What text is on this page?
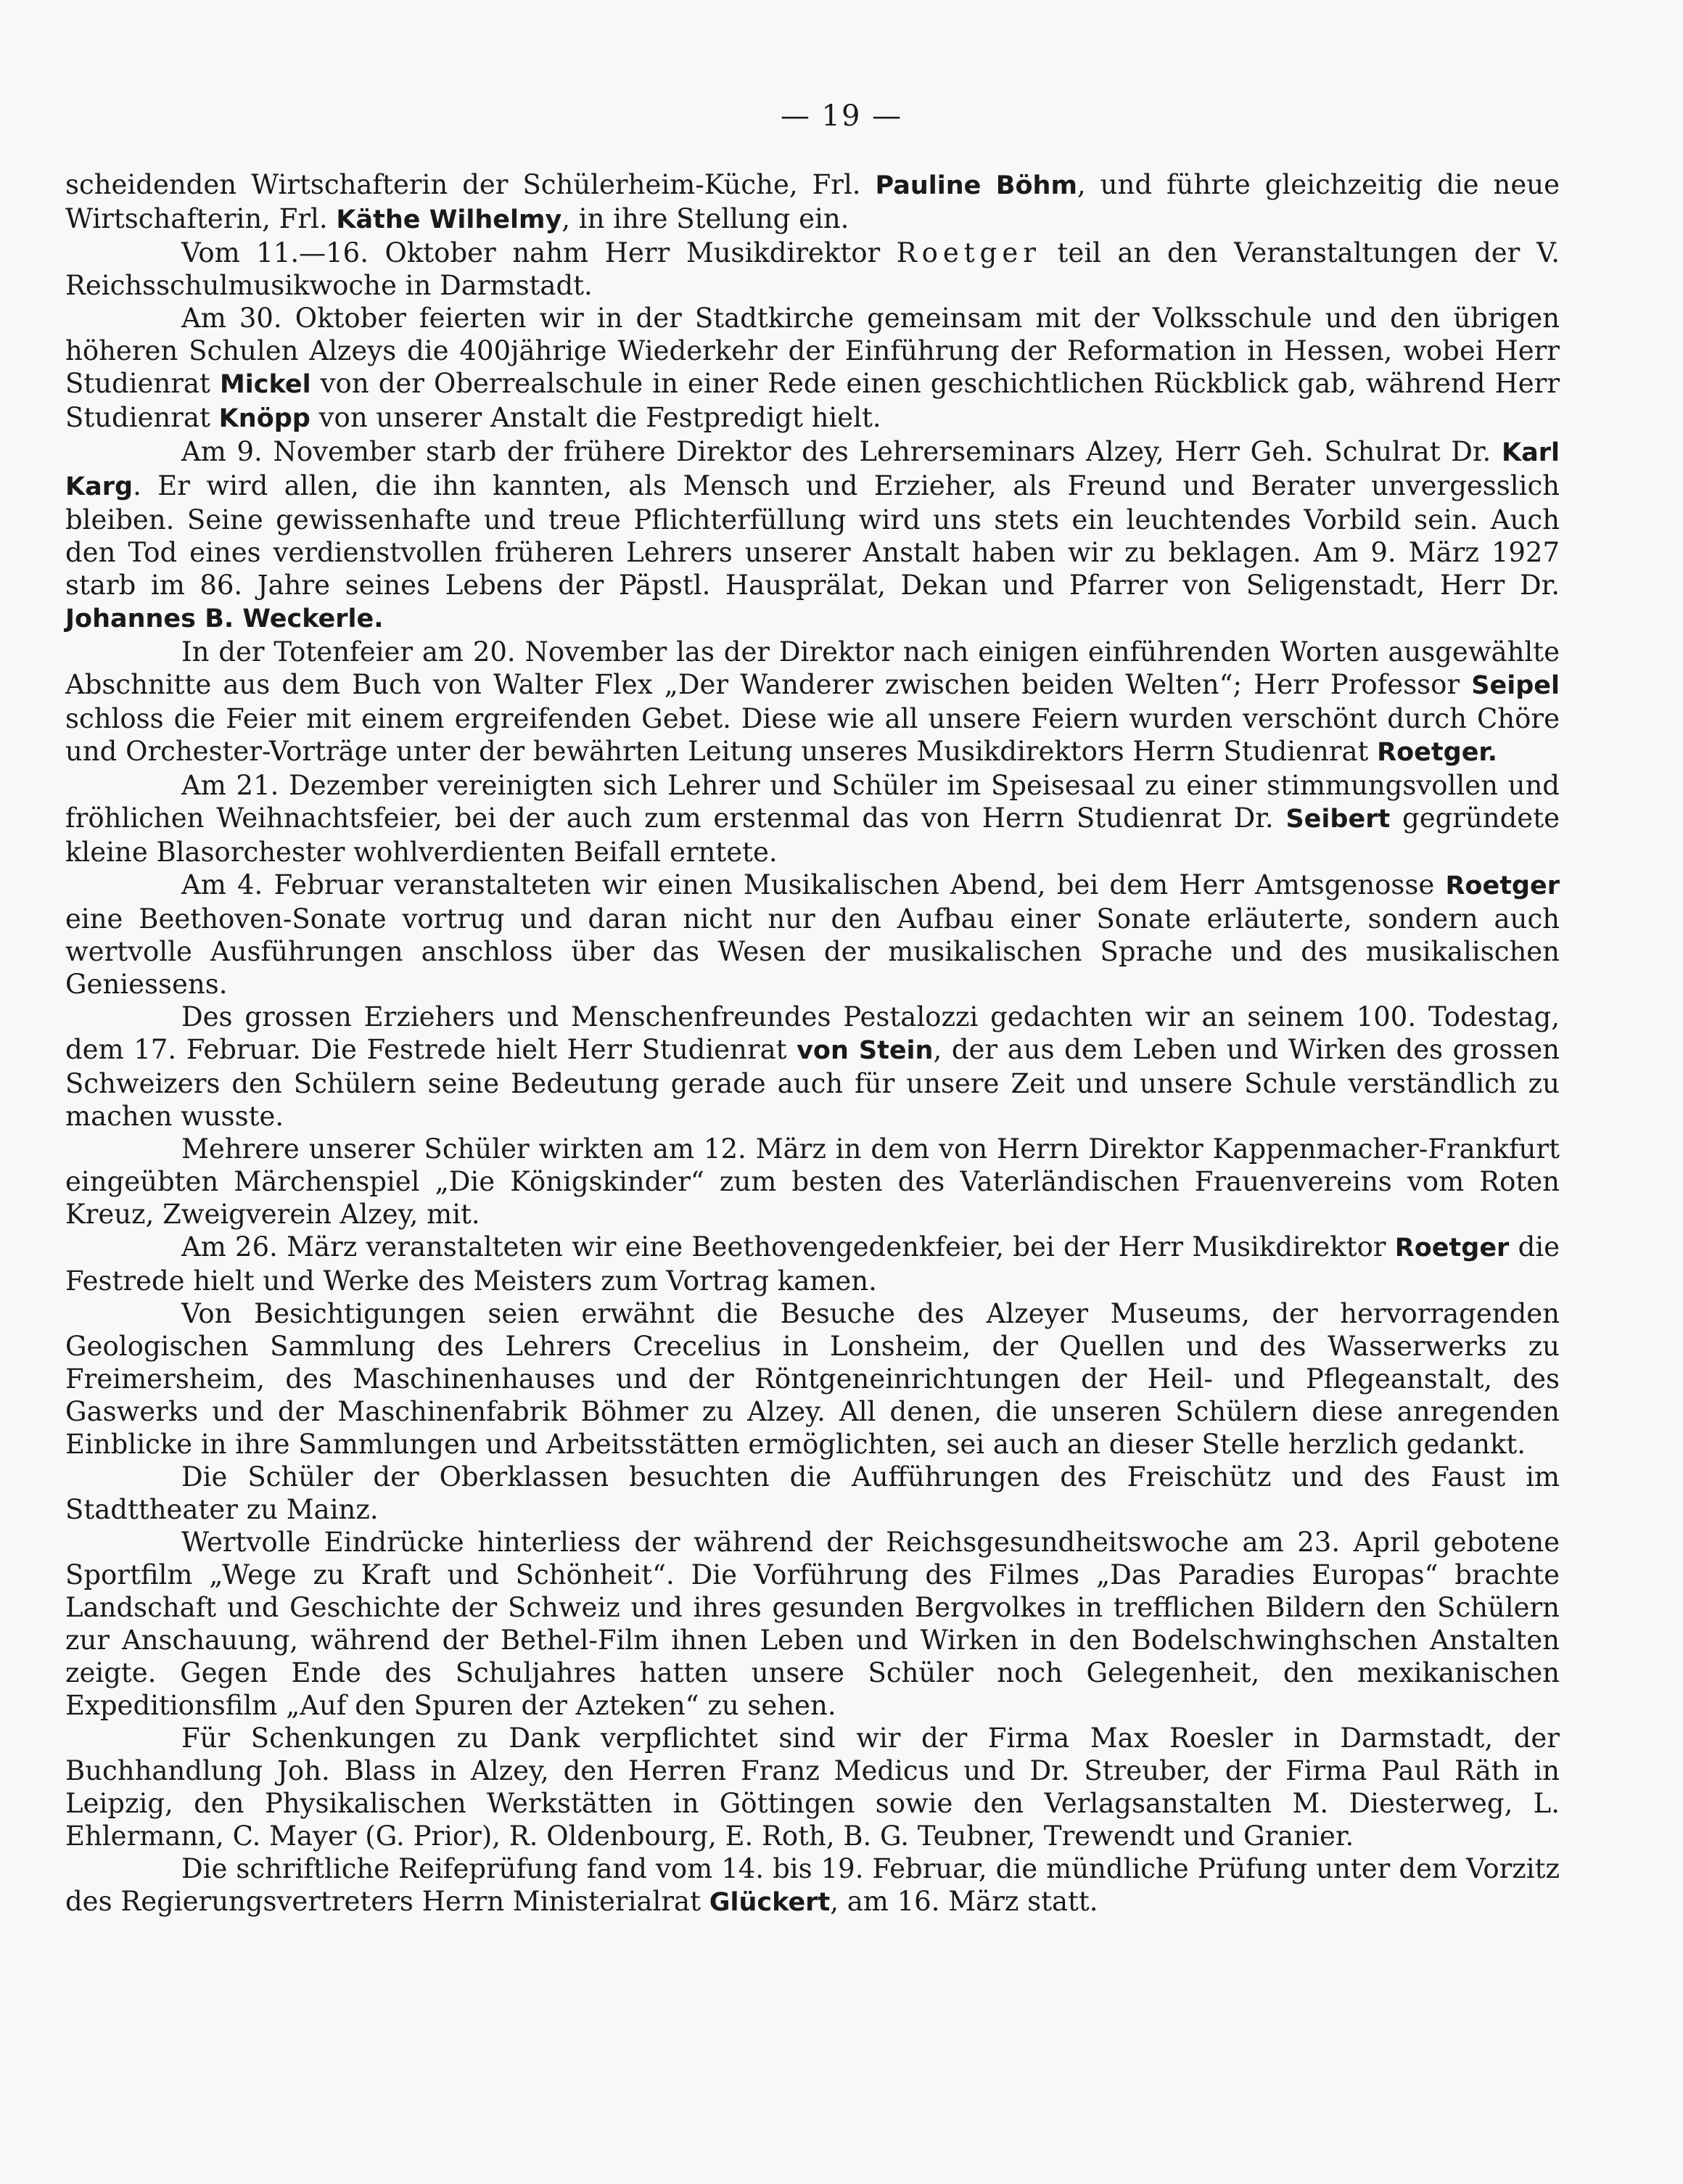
— 19 —

scheidenden Wirtschafterin der Schülerheim-Küche, Frl. Pauline Böhm, und führte gleichzeitig die neue Wirtschafterin, Frl. Käthe Wilhelmy, in ihre Stellung ein.

Vom 11.—16. Oktober nahm Herr Musikdirektor Roetger teil an den Veranstaltungen der V. Reichsschulmusikwoche in Darmstadt.

Am 30. Oktober feierten wir in der Stadtkirche gemeinsam mit der Volksschule und den übrigen höheren Schulen Alzeys die 400jährige Wiederkehr der Einführung der Reformation in Hessen, wobei Herr Studienrat Mickel von der Oberrealschule in einer Rede einen geschichtlichen Rückblick gab, während Herr Studienrat Knöpp von unserer Anstalt die Festpredigt hielt.

Am 9. November starb der frühere Direktor des Lehrerseminars Alzey, Herr Geh. Schulrat Dr. Karl Karg. Er wird allen, die ihn kannten, als Mensch und Erzieher, als Freund und Berater unvergesslich bleiben. Seine gewissenhafte und treue Pflichterfüllung wird uns stets ein leuchtendes Vorbild sein. Auch den Tod eines verdienstvollen früheren Lehrers unserer Anstalt haben wir zu beklagen. Am 9. März 1927 starb im 86. Jahre seines Lebens der Päpstl. Hausprälat, Dekan und Pfarrer von Seligenstadt, Herr Dr. Johannes B. Weckerle.

In der Totenfeier am 20. November las der Direktor nach einigen einführenden Worten ausgewählte Abschnitte aus dem Buch von Walter Flex „Der Wanderer zwischen beiden Welten“; Herr Professor Seipel schloss die Feier mit einem ergreifenden Gebet. Diese wie all unsere Feiern wurden verschönt durch Chöre und Orchester-Vorträge unter der bewährten Leitung unseres Musikdirektors Herrn Studienrat Roetger.

Am 21. Dezember vereinigten sich Lehrer und Schüler im Speisesaal zu einer stimmungsvollen und fröhlichen Weihnachtsfeier, bei der auch zum erstenmal das von Herrn Studienrat Dr. Seibert gegründete kleine Blasorchester wohlverdienten Beifall erntete.

Am 4. Februar veranstalteten wir einen Musikalischen Abend, bei dem Herr Amtsgenosse Roetger eine Beethoven-Sonate vortrug und daran nicht nur den Aufbau einer Sonate erläuterte, sondern auch wertvolle Ausführungen anschloss über das Wesen der musikalischen Sprache und des musikalischen Geniessens.

Des grossen Erziehers und Menschenfreundes Pestalozzi gedachten wir an seinem 100. Todestag, dem 17. Februar. Die Festrede hielt Herr Studienrat von Stein, der aus dem Leben und Wirken des grossen Schweizers den Schülern seine Bedeutung gerade auch für unsere Zeit und unsere Schule verständlich zu machen wusste.

Mehrere unserer Schüler wirkten am 12. März in dem von Herrn Direktor Kappenmacher-Frankfurt eingeübten Märchenspiel „Die Königskinder“ zum besten des Vaterländischen Frauenvereins vom Roten Kreuz, Zweigverein Alzey, mit.

Am 26. März veranstalteten wir eine Beethovengedenkfeier, bei der Herr Musikdirektor Roetger die Festrede hielt und Werke des Meisters zum Vortrag kamen.

Von Besichtigungen seien erwähnt die Besuche des Alzeyer Museums, der hervorragenden Geologischen Sammlung des Lehrers Crecelius in Lonsheim, der Quellen und des Wasserwerks zu Freimersheim, des Maschinenhauses und der Röntgeneinrichtungen der Heil- und Pflegeanstalt, des Gaswerks und der Maschinenfabrik Böhmer zu Alzey. All denen, die unseren Schülern diese anregenden Einblicke in ihre Sammlungen und Arbeitsstätten ermöglichten, sei auch an dieser Stelle herzlich gedankt.

Die Schüler der Oberklassen besuchten die Aufführungen des Freischütz und des Faust im Stadttheater zu Mainz.

Wertvolle Eindrücke hinterliess der während der Reichsgesundheitswoche am 23. April gebotene Sportfilm „Wege zu Kraft und Schönheit“. Die Vorführung des Filmes „Das Paradies Europas“ brachte Landschaft und Geschichte der Schweiz und ihres gesunden Bergvolkes in trefflichen Bildern den Schülern zur Anschauung, während der Bethel-Film ihnen Leben und Wirken in den Bodelschwinghschen Anstalten zeigte. Gegen Ende des Schuljahres hatten unsere Schüler noch Gelegenheit, den mexikanischen Expeditionsfilm „Auf den Spuren der Azteken“ zu sehen.

Für Schenkungen zu Dank verpflichtet sind wir der Firma Max Roesler in Darmstadt, der Buchhandlung Joh. Blass in Alzey, den Herren Franz Medicus und Dr. Streuber, der Firma Paul Räth in Leipzig, den Physikalischen Werkstätten in Göttingen sowie den Verlagsanstalten M. Diesterweg, L. Ehlermann, C. Mayer (G. Prior), R. Oldenbourg, E. Roth, B. G. Teubner, Trewendt und Granier.

Die schriftliche Reifeprüfung fand vom 14. bis 19. Februar, die mündliche Prüfung unter dem Vorzitz des Regierungsvertreters Herrn Ministerialrat Glückert, am 16. März statt.
